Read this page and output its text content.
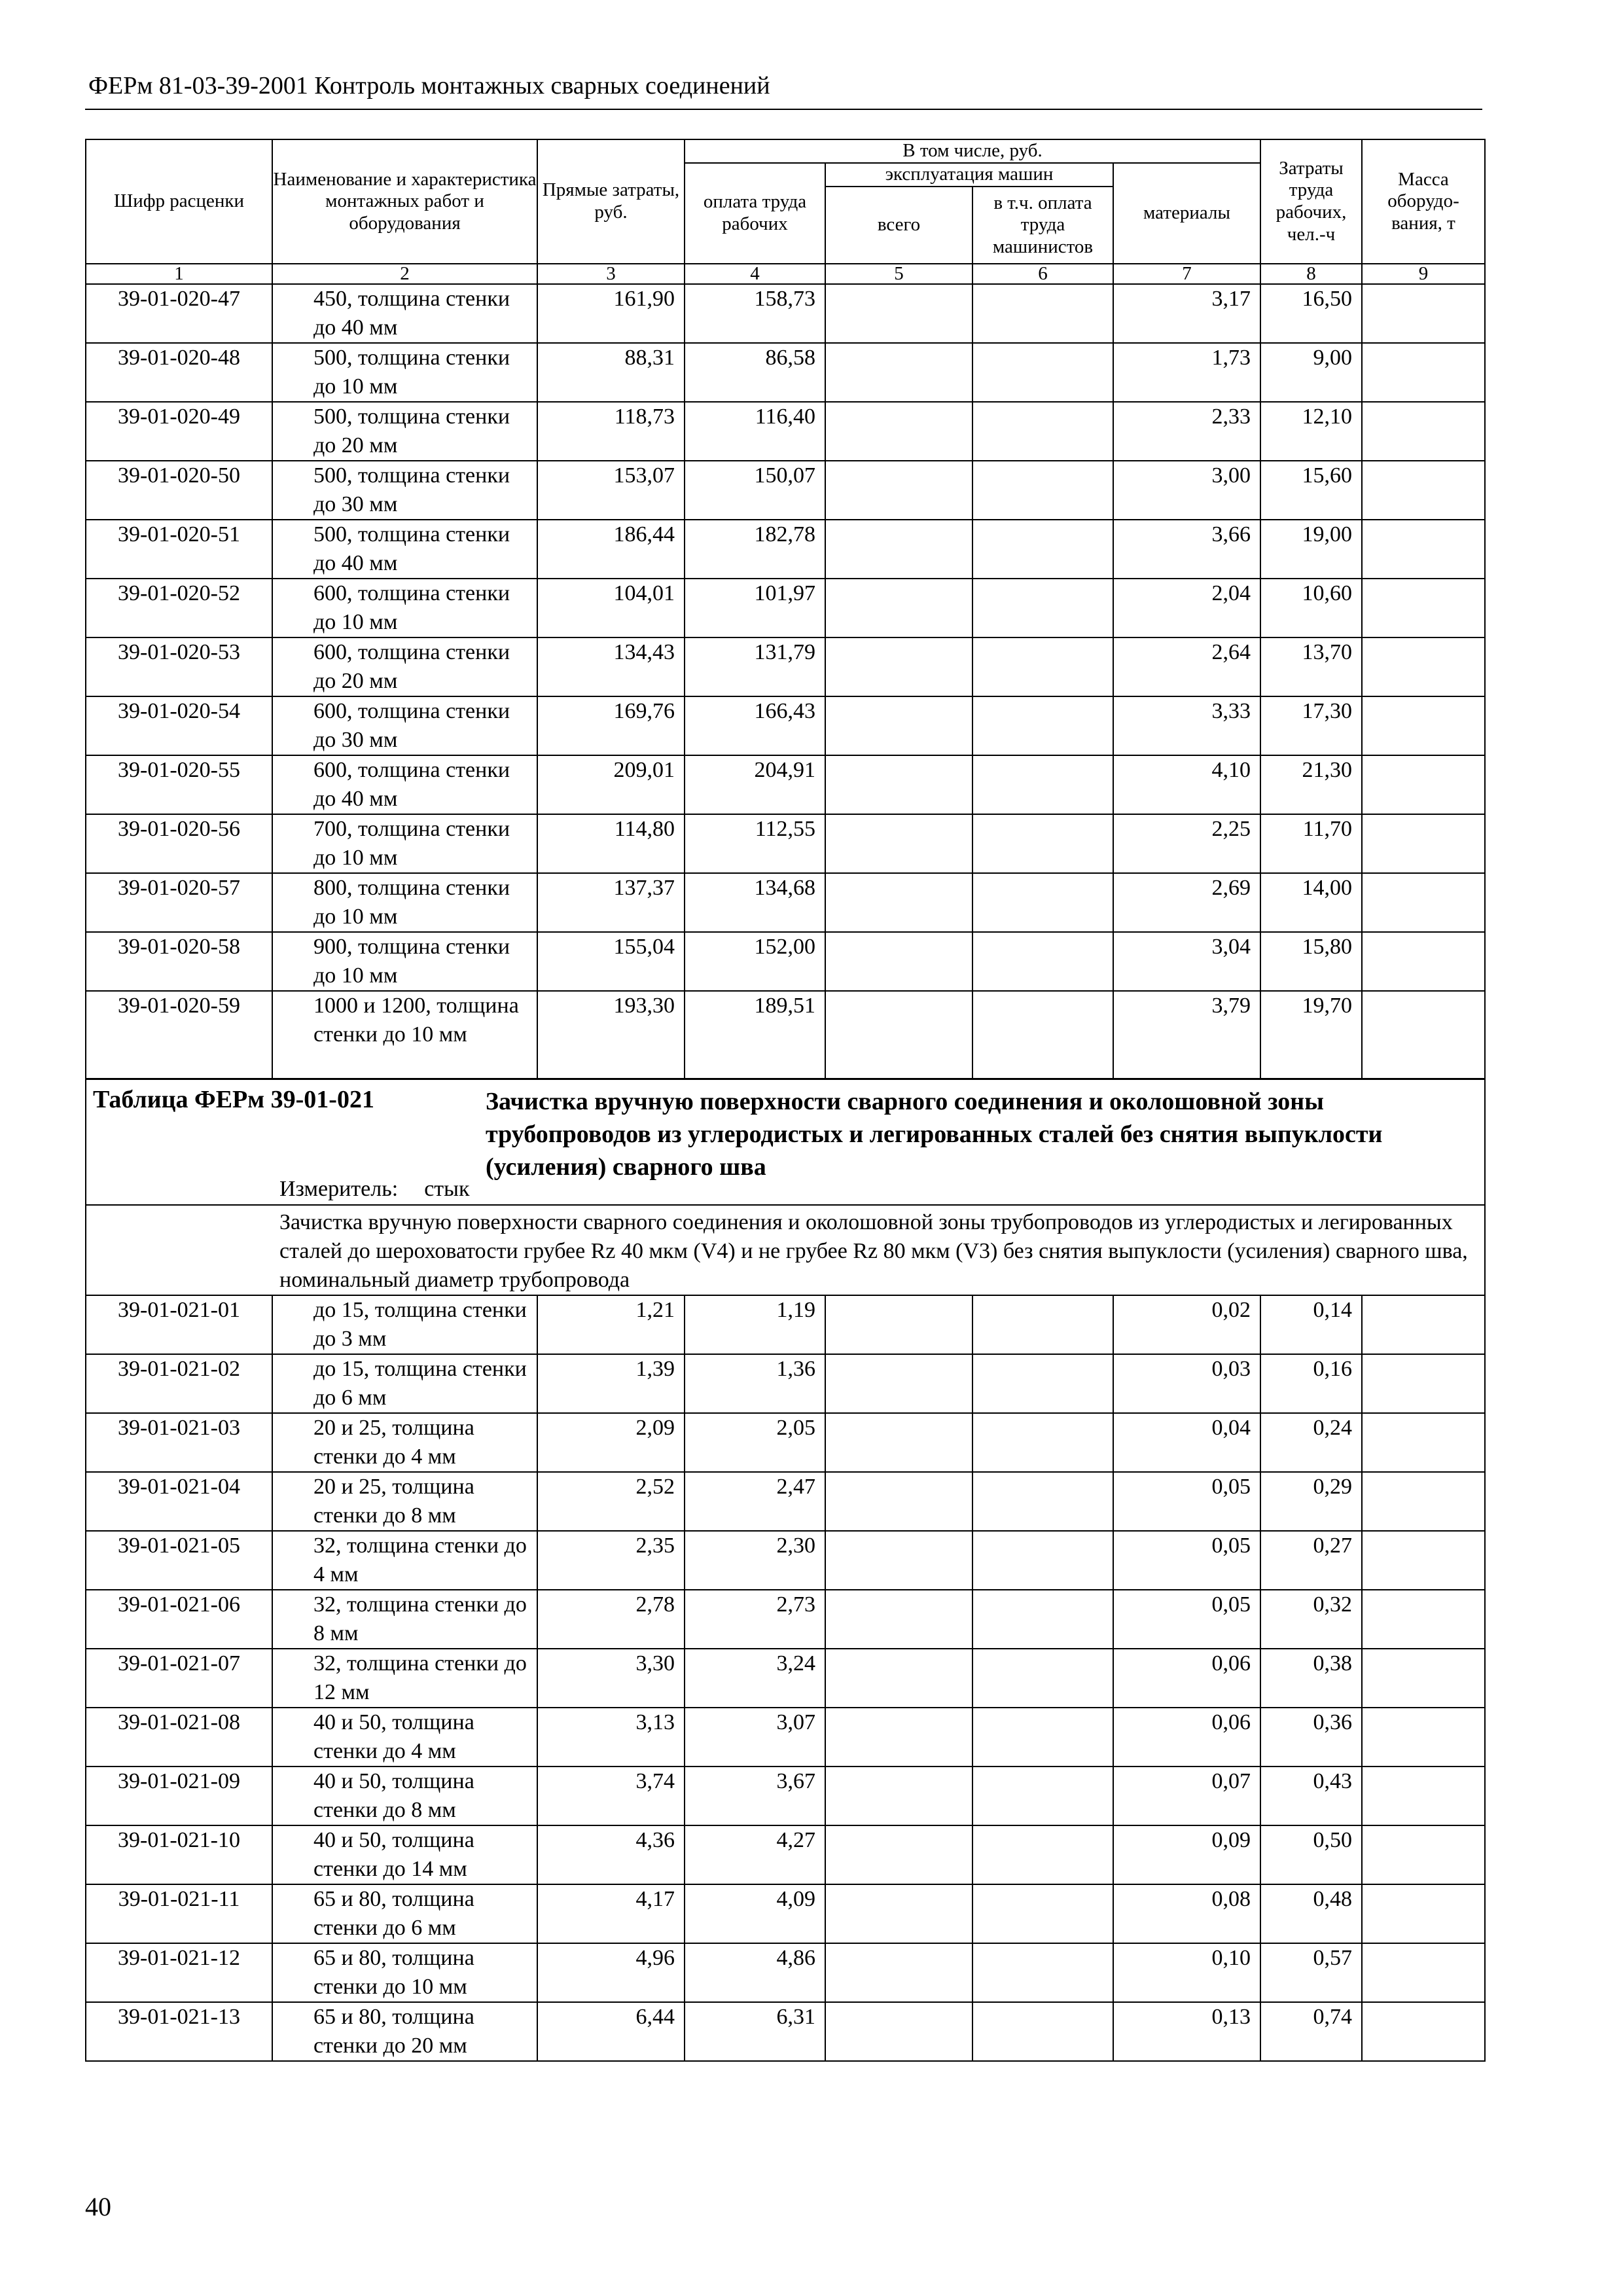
ФЕРм 81-03-39-2001 Контроль монтажных сварных соединений
Шифр расценки	Наименование и характеристика монтажных работ и оборудования	Прямые затраты, руб.	В том числе, руб.				Затраты труда рабочих, чел.-ч	Масса оборудо-вания, т
			оплата труда рабочих	эксплуатация машин		материалы		
				всего	в т.ч. оплата труда машинистов			
1	2	3	4	5	6	7	8	9
39-01-020-47	450, толщина стенки до 40 мм	161,90	158,73			3,17	16,50	
39-01-020-48	500, толщина стенки до 10 мм	88,31	86,58			1,73	9,00	
39-01-020-49	500, толщина стенки до 20 мм	118,73	116,40			2,33	12,10	
39-01-020-50	500, толщина стенки до 30 мм	153,07	150,07			3,00	15,60	
39-01-020-51	500, толщина стенки до 40 мм	186,44	182,78			3,66	19,00	
39-01-020-52	600, толщина стенки до 10 мм	104,01	101,97			2,04	10,60	
39-01-020-53	600, толщина стенки до 20 мм	134,43	131,79			2,64	13,70	
39-01-020-54	600, толщина стенки до 30 мм	169,76	166,43			3,33	17,30	
39-01-020-55	600, толщина стенки до 40 мм	209,01	204,91			4,10	21,30	
39-01-020-56	700, толщина стенки до 10 мм	114,80	112,55			2,25	11,70	
39-01-020-57	800, толщина стенки до 10 мм	137,37	134,68			2,69	14,00	
39-01-020-58	900, толщина стенки до 10 мм	155,04	152,00			3,04	15,80	
39-01-020-59	1000 и 1200, толщина стенки до 10 мм	193,30	189,51			3,79	19,70	

Таблица ФЕРм 39-01-021 Зачистка вручную поверхности сварного соединения и околошовной зоны трубопроводов из углеродистых и легированных сталей без снятия выпуклости (усиления) сварного шва
Измеритель: стык								

Зачистка вручную поверхности сварного соединения и околошовной зоны трубопроводов из углеродистых и легированных сталей до шероховатости грубее Rz 40 мкм (V4) и не грубее Rz 80 мкм (V3) без снятия выпуклости (усиления) сварного шва, номинальный диаметр трубопровода								
39-01-021-01	до 15, толщина стенки до 3 мм	1,21	1,19			0,02	0,14	
39-01-021-02	до 15, толщина стенки до 6 мм	1,39	1,36			0,03	0,16	
39-01-021-03	20 и 25, толщина стенки до 4 мм	2,09	2,05			0,04	0,24	
39-01-021-04	20 и 25, толщина стенки до 8 мм	2,52	2,47			0,05	0,29	
39-01-021-05	32, толщина стенки до 4 мм	2,35	2,30			0,05	0,27	
39-01-021-06	32, толщина стенки до 8 мм	2,78	2,73			0,05	0,32	
39-01-021-07	32, толщина стенки до 12 мм	3,30	3,24			0,06	0,38	
39-01-021-08	40 и 50, толщина стенки до 4 мм	3,13	3,07			0,06	0,36	
39-01-021-09	40 и 50, толщина стенки до 8 мм	3,74	3,67			0,07	0,43	
39-01-021-10	40 и 50, толщина стенки до 14 мм	4,36	4,27			0,09	0,50	
39-01-021-11	65 и 80, толщина стенки до 6 мм	4,17	4,09			0,08	0,48	
39-01-021-12	65 и 80, толщина стенки до 10 мм	4,96	4,86			0,10	0,57	
39-01-021-13	65 и 80, толщина стенки до 20 мм	6,44	6,31			0,13	0,74	
40
